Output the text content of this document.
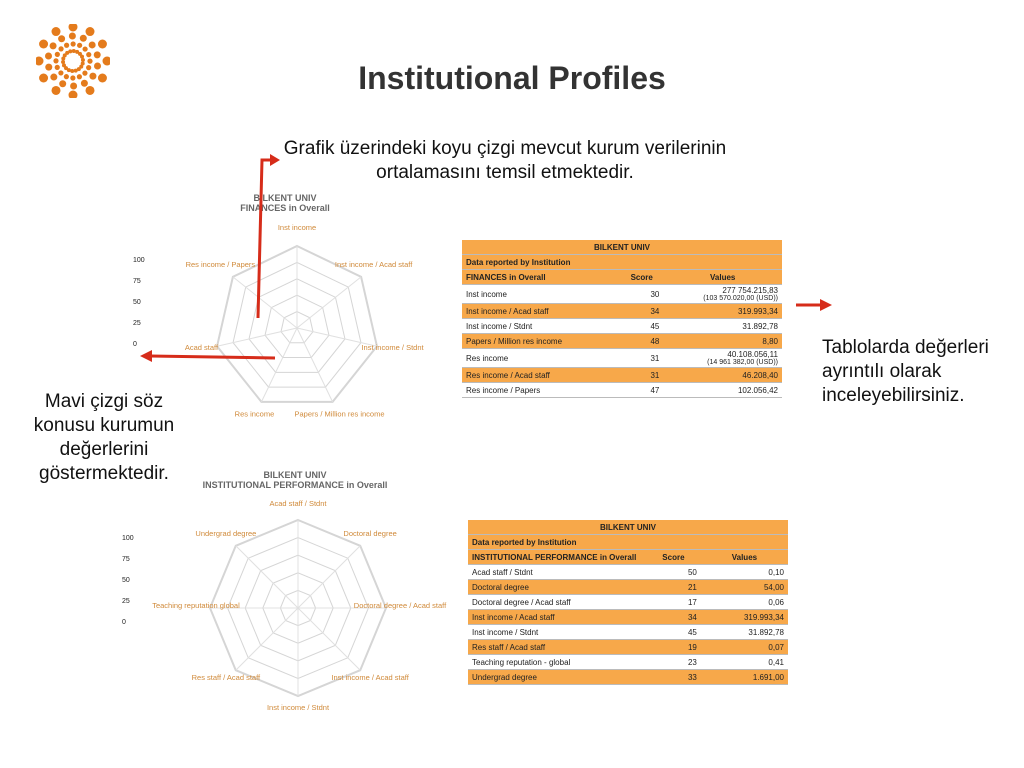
Institutional Profiles
Grafik üzerindeki koyu çizgi mevcut kurum verilerinin ortalamasını temsil etmektedir.
Mavi çizgi söz konusu kurumun değerlerini göstermektedir.
Tablolarda değerleri ayrıntılı olarak inceleyebilirsiniz.
BILKENT UNIV
FINANCES in Overall
Inst income
Inst income / Acad staff
Inst income / Stdnt
Papers / Million res income
Res income
Acad staff
Res income / Papers
100
75
50
25
0
BILKENT UNIV
INSTITUTIONAL PERFORMANCE in Overall
Acad staff / Stdnt
Doctoral degree
Doctoral degree / Acad staff
Inst income / Acad staff
Inst income / Stdnt
Res staff / Acad staff
Teaching reputation global
Undergrad degree
100
75
50
25
0
BILKENT UNIV		
Data reported by Institution		
FINANCES in Overall	Score	Values
Inst income	30	277 754.215,83
(103 570.020,00 (USD))

Inst income / Acad staff	34	319.993,34
Inst income / Stdnt	45	31.892,78
Papers / Million res income	48	8,80
Res income	31	40.108.056,11
(14 961 382,00 (USD))

Res income / Acad staff	31	46.208,40
Res income / Papers	47	102.056,42
BILKENT UNIV		
Data reported by Institution		
INSTITUTIONAL PERFORMANCE in Overall	Score	Values
Acad staff / Stdnt	50	0,10
Doctoral degree	21	54,00
Doctoral degree / Acad staff	17	0,06
Inst income / Acad staff	34	319.993,34
Inst income / Stdnt	45	31.892,78
Res staff / Acad staff	19	0,07
Teaching reputation - global	23	0,41
Undergrad degree	33	1.691,00
